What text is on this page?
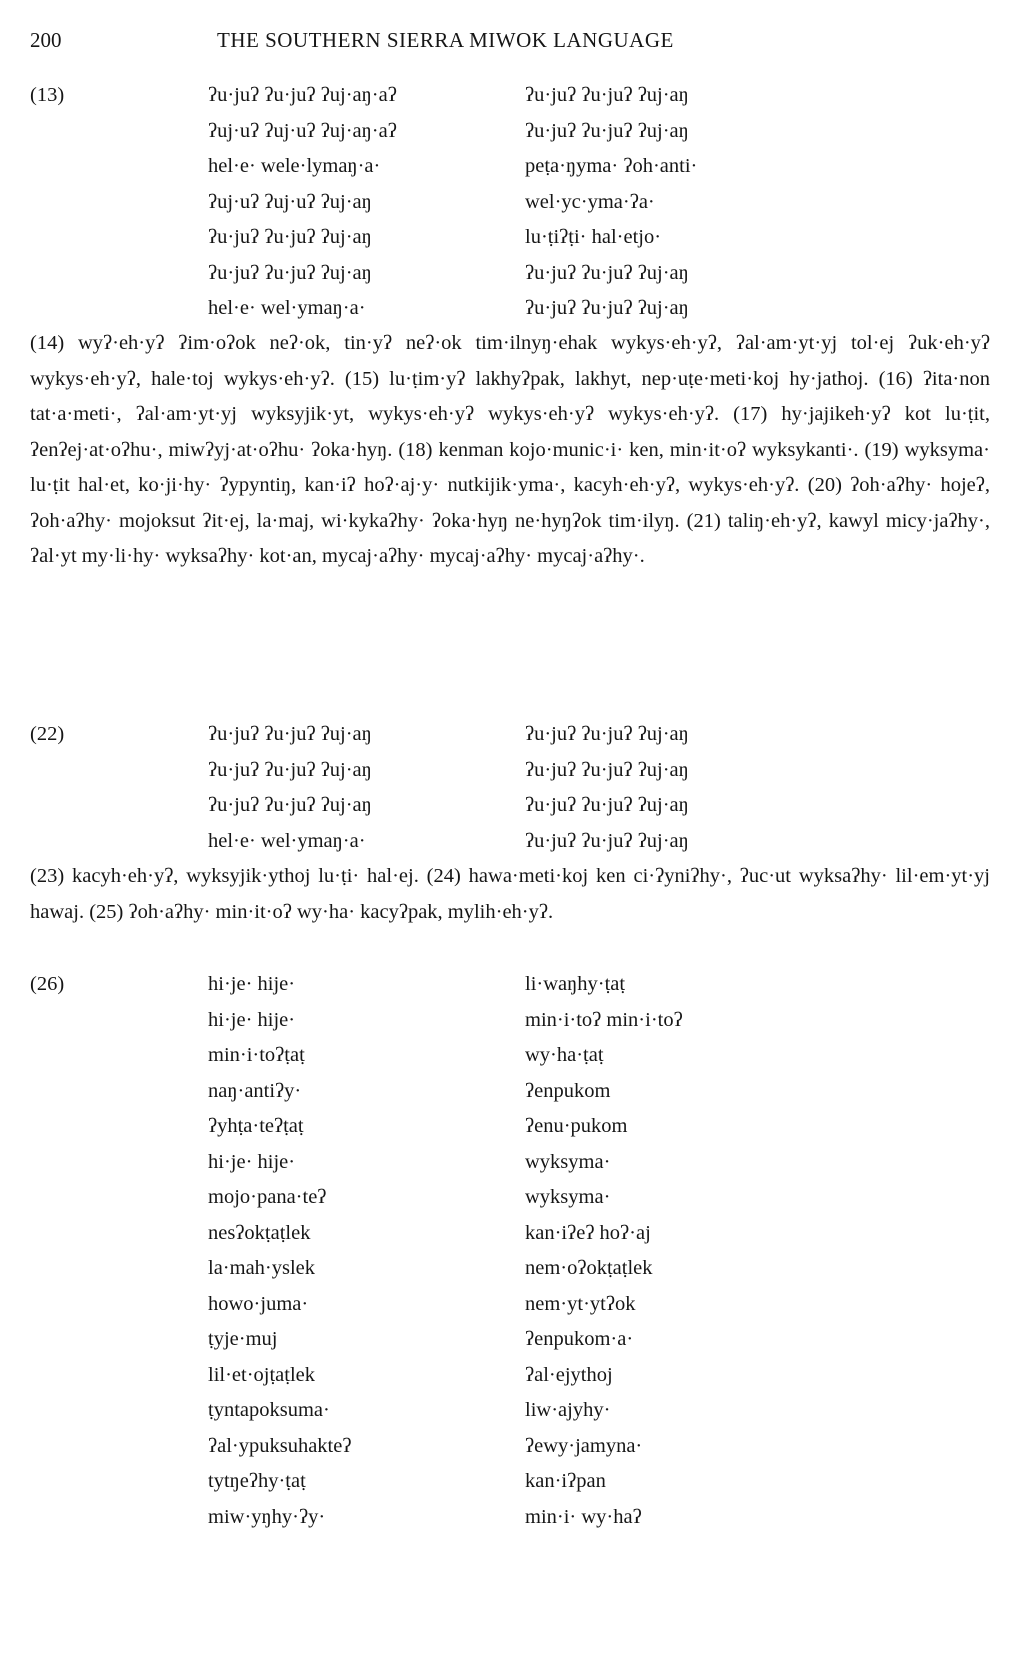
200	THE SOUTHERN SIERRA MIWOK LANGUAGE
(13)	ʔu·juʔ ʔu·juʔ ʔuj·aŋ·aʔ	ʔu·juʔ ʔu·juʔ ʔuj·aŋ
ʔuj·uʔ ʔuj·uʔ ʔuj·aŋ·aʔ	ʔu·juʔ ʔu·juʔ ʔuj·aŋ
hel·e· wele·lymaŋ·a·	peṭa·ŋyma· ʔoh·anti·
ʔuj·uʔ ʔuj·uʔ ʔuj·aŋ	wel·yc·yma·ʔa·
ʔu·juʔ ʔu·juʔ ʔuj·aŋ	lu·ṭiʔṭi· hal·etjo·
ʔu·juʔ ʔu·juʔ ʔuj·aŋ	ʔu·juʔ ʔu·juʔ ʔuj·aŋ
hel·e· wel·ymaŋ·a·	ʔu·juʔ ʔu·juʔ ʔuj·aŋ

(14) wyʔ·eh·yʔ ʔim·oʔok neʔ·ok, tin·yʔ neʔ·ok tim·ilnyŋ·ehak wykys·eh·yʔ, ʔal·am·yt·yj tol·ej ʔuk·eh·yʔ wykys·eh·yʔ, hale·toj wykys·eh·yʔ. (15) lu·ṭim·yʔ lakhyʔpak, lakhyt, nep·uṭe·meti·koj hy·jathoj. (16) ʔita·non tat·a·meti·, ʔal·am·yt·yj wyksyjik·yt, wykys·eh·yʔ wykys·eh·yʔ wykys·eh·yʔ. (17) hy·jajikeh·yʔ kot lu·ṭit, ʔenʔej·at·oʔhu·, miwʔyj·at·oʔhu· ʔoka·hyŋ. (18) kenman kojo·munic·i· ken, min·it·oʔ wyksykanti·. (19) wyksyma· lu·ṭit hal·et, ko·ji·hy· ʔypyntiŋ, kan·iʔ hoʔ·aj·y· nutkijik·yma·, kacyh·eh·yʔ, wykys·eh·yʔ. (20) ʔoh·aʔhy· hojeʔ, ʔoh·aʔhy· mojoksut ʔit·ej, la·maj, wi·kykaʔhy· ʔoka·hyŋ ne·hyŋʔok tim·ilyŋ. (21) taliŋ·eh·yʔ, kawyl micy·jaʔhy·, ʔal·yt my·li·hy· wyksaʔhy· kot·an, mycaj·aʔhy· mycaj·aʔhy· mycaj·aʔhy·.

(22)	ʔu·juʔ ʔu·juʔ ʔuj·aŋ	ʔu·juʔ ʔu·juʔ ʔuj·aŋ
ʔu·juʔ ʔu·juʔ ʔuj·aŋ	ʔu·juʔ ʔu·juʔ ʔuj·aŋ
ʔu·juʔ ʔu·juʔ ʔuj·aŋ	ʔu·juʔ ʔu·juʔ ʔuj·aŋ
hel·e· wel·ymaŋ·a·	ʔu·juʔ ʔu·juʔ ʔuj·aŋ

(23) kacyh·eh·yʔ, wyksyjik·ythoj lu·ṭi· hal·ej. (24) hawa·meti·koj ken ci·ʔyniʔhy·, ʔuc·ut wyksaʔhy· lil·em·yt·yj hawaj. (25) ʔoh·aʔhy· min·it·oʔ wy·ha· kacyʔpak, mylih·eh·yʔ.

(26)	hi·je· hije·	li·waŋhy·ṭaṭ
hi·je· hije·	min·i·toʔ min·i·toʔ
min·i·toʔṭaṭ	wy·ha·ṭaṭ
naŋ·antiʔy·	ʔenpukom
ʔyhṭa·teʔṭaṭ	ʔenu·pukom
hi·je· hije·	wyksyma·
mojo·pana·teʔ	wyksyma·
nesʔokṭaṭlek	kan·iʔeʔ hoʔ·aj
la·mah·yslek	nem·oʔokṭaṭlek
howo·juma·	nem·yt·ytʔok
ṭyje·muj	ʔenpukom·a·
lil·et·ojṭaṭlek	ʔal·ejythoj
ṭyntapoksuma·	liw·ajyhy·
ʔal·ypuksuhakteʔ	ʔewy·jamyna·
tytŋeʔhy·ṭaṭ	kan·iʔpan
miw·yŋhy·ʔy·	min·i· wy·haʔ
